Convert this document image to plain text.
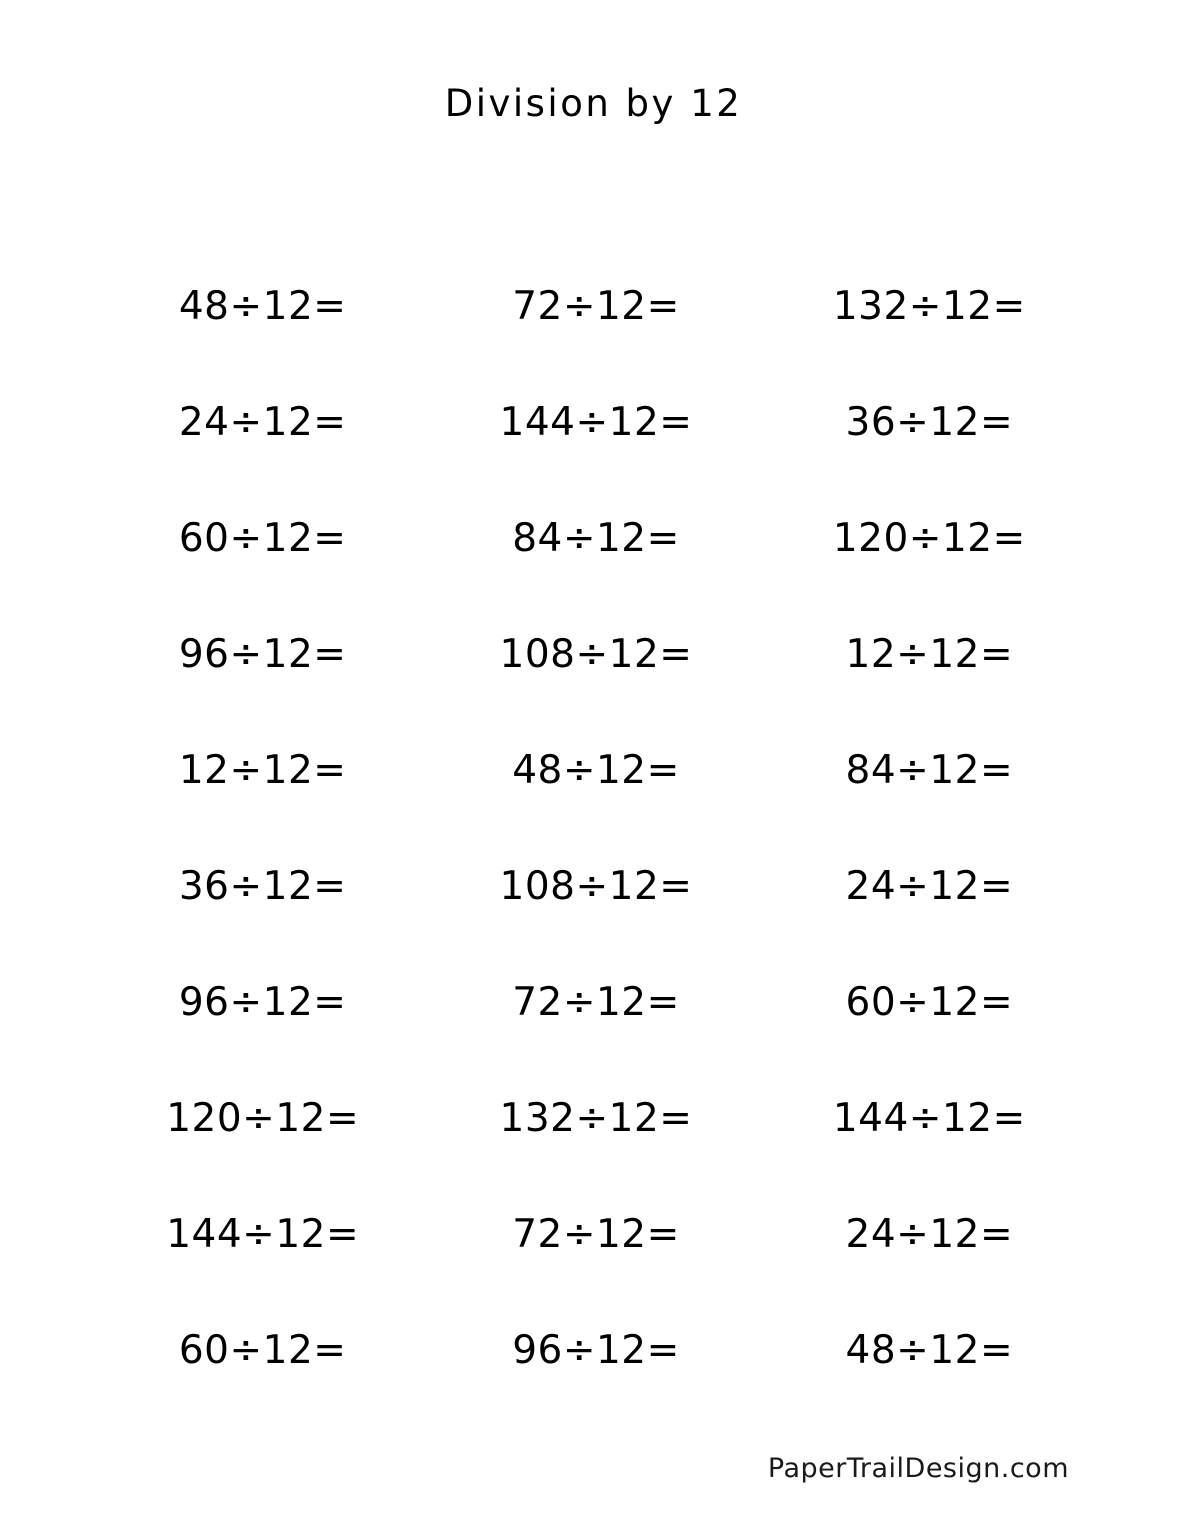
Division by 12
48÷12=	72÷12=	132÷12=
24÷12=	144÷12=	36÷12=
60÷12=	84÷12=	120÷12=
96÷12=	108÷12=	12÷12=
12÷12=	48÷12=	84÷12=
36÷12=	108÷12=	24÷12=
96÷12=	72÷12=	60÷12=
120÷12=	132÷12=	144÷12=
144÷12=	72÷12=	24÷12=
60÷12=	96÷12=	48÷12=
PaperTrailDesign.com
